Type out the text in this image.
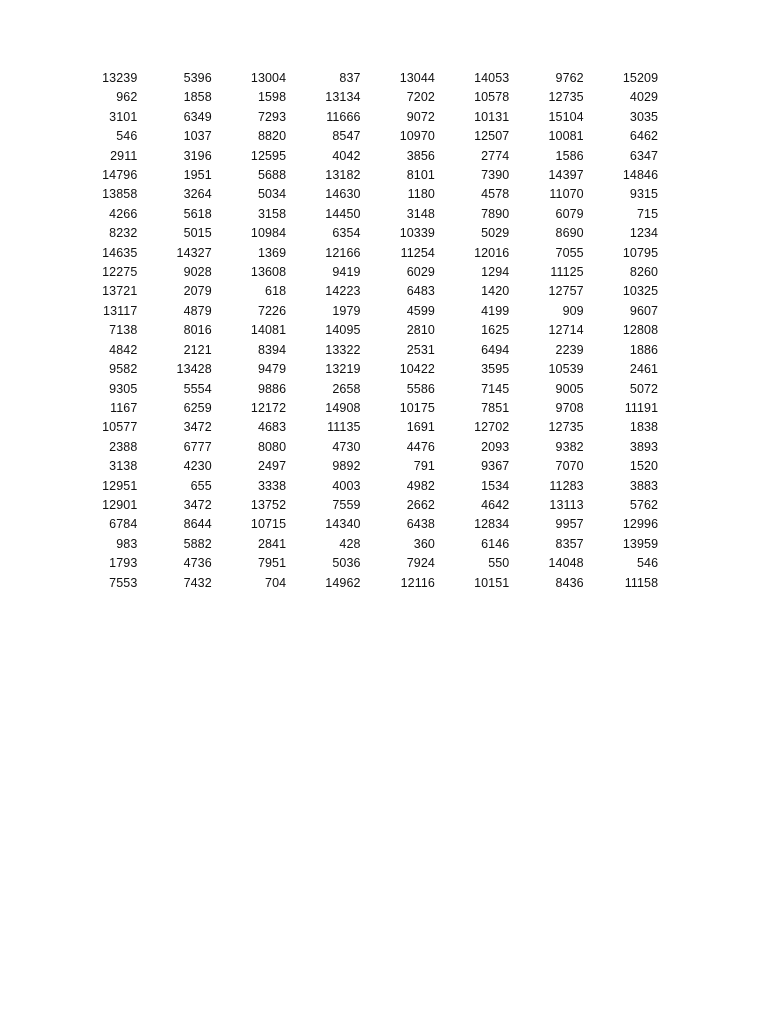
13239	5396	13004	837	13044	14053	9762	15209
962	1858	1598	13134	7202	10578	12735	4029
3101	6349	7293	11666	9072	10131	15104	3035
546	1037	8820	8547	10970	12507	10081	6462
2911	3196	12595	4042	3856	2774	1586	6347
14796	1951	5688	13182	8101	7390	14397	14846
13858	3264	5034	14630	1180	4578	11070	9315
4266	5618	3158	14450	3148	7890	6079	715
8232	5015	10984	6354	10339	5029	8690	1234
14635	14327	1369	12166	11254	12016	7055	10795
12275	9028	13608	9419	6029	1294	11125	8260
13721	2079	618	14223	6483	1420	12757	10325
13117	4879	7226	1979	4599	4199	909	9607
7138	8016	14081	14095	2810	1625	12714	12808
4842	2121	8394	13322	2531	6494	2239	1886
9582	13428	9479	13219	10422	3595	10539	2461
9305	5554	9886	2658	5586	7145	9005	5072
1167	6259	12172	14908	10175	7851	9708	11191
10577	3472	4683	11135	1691	12702	12735	1838
2388	6777	8080	4730	4476	2093	9382	3893
3138	4230	2497	9892	791	9367	7070	1520
12951	655	3338	4003	4982	1534	11283	3883
12901	3472	13752	7559	2662	4642	13113	5762
6784	8644	10715	14340	6438	12834	9957	12996
983	5882	2841	428	360	6146	8357	13959
1793	4736	7951	5036	7924	550	14048	546
7553	7432	704	14962	12116	10151	8436	11158
